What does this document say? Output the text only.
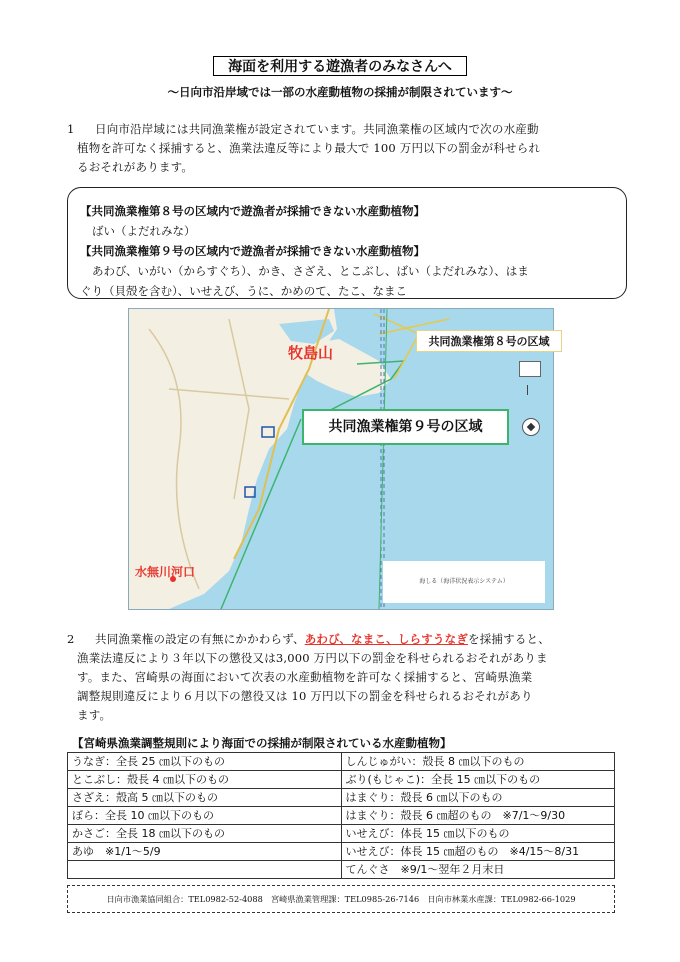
海面を利用する遊漁者のみなさんへ
～日向市沿岸域では一部の水産動植物の採捕が制限されています～
1 日向市沿岸域には共同漁業権が設定されています。共同漁業権の区域内で次の水産動
植物を許可なく採捕すると、漁業法違反等により最大で 100 万円以下の罰金が科せられ
るおそれがあります。
【共同漁業権第８号の区域内で遊漁者が採捕できない水産動植物】
ばい（よだれみな）
【共同漁業権第９号の区域内で遊漁者が採捕できない水産動植物】
あわび、いがい（からすぐち）、かき、さざえ、とこぶし、ばい（よだれみな）、はま
ぐり（貝殻を含む）、いせえび、うに、かめのて、たこ、なまこ
海しる（海洋状況表示システム）
牧島山
共同漁業権第８号の区域
共同漁業権第９号の区域
水無川河口
2 共同漁業権の設定の有無にかかわらず、あわび、なまこ、しらすうなぎを採捕すると、
漁業法違反により３年以下の懲役又は3,000 万円以下の罰金を科せられるおそれがありま
す。また、宮崎県の海面において次表の水産動植物を許可なく採捕すると、宮崎県漁業
調整規則違反により６月以下の懲役又は 10 万円以下の罰金を科せられるおそれがあり
ます。
【宮崎県漁業調整規則により海面での採捕が制限されている水産動植物】
うなぎ：全長 25 ㎝以下のもの	しんじゅがい：殻長 8 ㎝以下のもの
とこぶし：殻長 4 ㎝以下のもの	ぶり(もじゃこ)：全長 15 ㎝以下のもの
さざえ：殻高 5 ㎝以下のもの	はまぐり：殻長 6 ㎝以下のもの
ぼら：全長 10 ㎝以下のもの	はまぐり：殻長 6 ㎝超のもの　※7/1～9/30
かさご：全長 18 ㎝以下のもの	いせえび：体長 15 ㎝以下のもの
あゆ　※1/1～5/9	いせえび：体長 15 ㎝超のもの　※4/15～8/31
	てんぐさ　※9/1～翌年２月末日
日向市漁業協同組合：TEL0982-52-4088　宮崎県漁業管理課：TEL0985-26-7146　日向市林業水産課：TEL0982-66-1029
